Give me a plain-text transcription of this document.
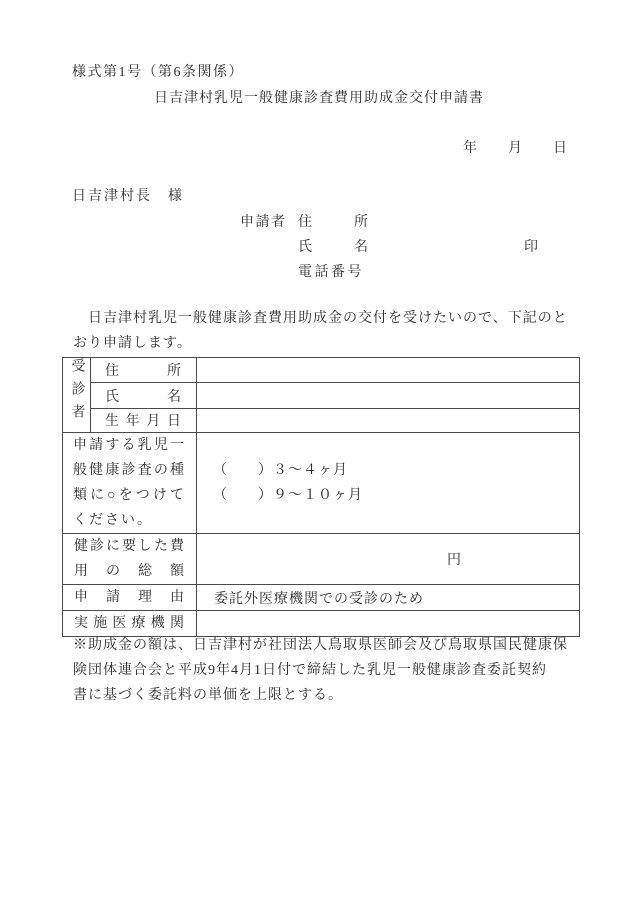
様式第1号（第6条関係）
日吉津村乳児一般健康診査費用助成金交付申請書
年　　月　　日
日吉津村長　様
申請者 住　所
氏　名	印
電話番号
　日吉津村乳児一般健康診査費用助成金の交付を受けたいので、下記のと
おり申請します。
受診者	住　所	
	氏　名	
	生年月日	
申請する乳児一般健康診査の種類に○をつけてください。		（　　）３～４ヶ月
（　　）９～１０ヶ月

健診に要した費用の総額		円

申請理由		委託外医療機関での受診のため

実施医療機関		
※助成金の額は、日吉津村が社団法人鳥取県医師会及び鳥取県国民健康保
険団体連合会と平成9年4月1日付で締結した乳児一般健康診査委託契約
書に基づく委託料の単価を上限とする。
